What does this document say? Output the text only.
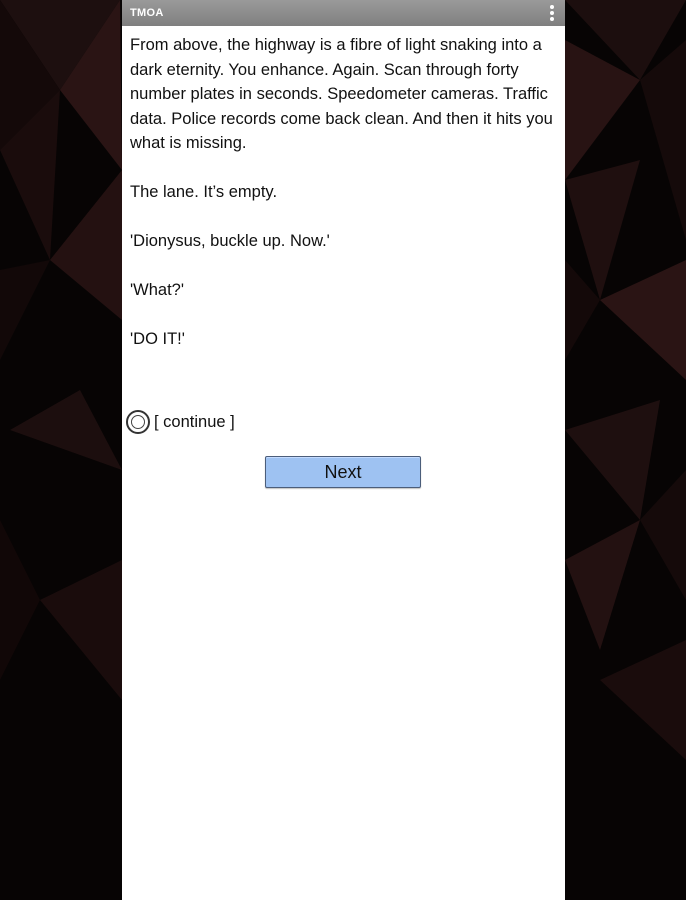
TMOA

From above, the highway is a fibre of light snaking into a dark eternity. You enhance. Again. Scan through forty number plates in seconds. Speedometer cameras. Traffic data. Police records come back clean. And then it hits you what is missing.

The lane. It’s empty.

'Dionysus, buckle up. Now.'

'What?'

'DO IT!'

[ continue ]
Next
